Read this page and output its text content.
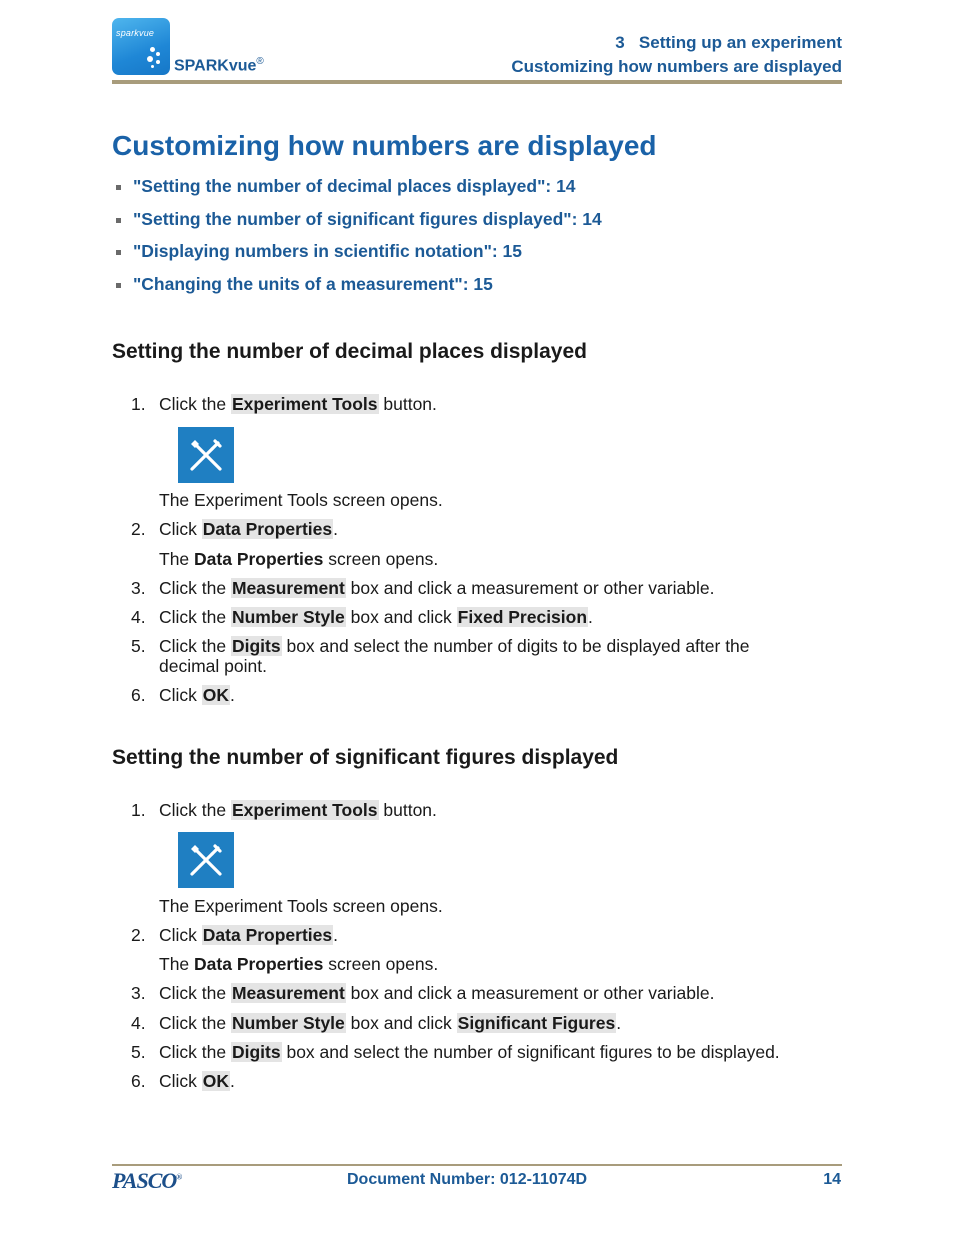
sparkvue
SPARKvue®
3   Setting up an experiment
Customizing how numbers are displayed
Customizing how numbers are displayed
"Setting the number of decimal places displayed": 14
"Setting the number of significant figures displayed": 14
"Displaying numbers in scientific notation": 15
"Changing the units of a measurement": 15
Setting the number of decimal places displayed
1. Click the Experiment Tools button.
The Experiment Tools screen opens.
2. Click Data Properties.
The Data Properties screen opens.
3. Click the Measurement box and click a measurement or other variable.
4. Click the Number Style box and click Fixed Precision.
5. Click the Digits box and select the number of digits to be displayed after the
decimal point.
6. Click OK.
Setting the number of significant figures displayed
1. Click the Experiment Tools button.
The Experiment Tools screen opens.
2. Click Data Properties.
The Data Properties screen opens.
3. Click the Measurement box and click a measurement or other variable.
4. Click the Number Style box and click Significant Figures.
5. Click the Digits box and select the number of significant figures to be displayed.
6. Click OK.
PASCO®	Document Number: 012-11074D	14
